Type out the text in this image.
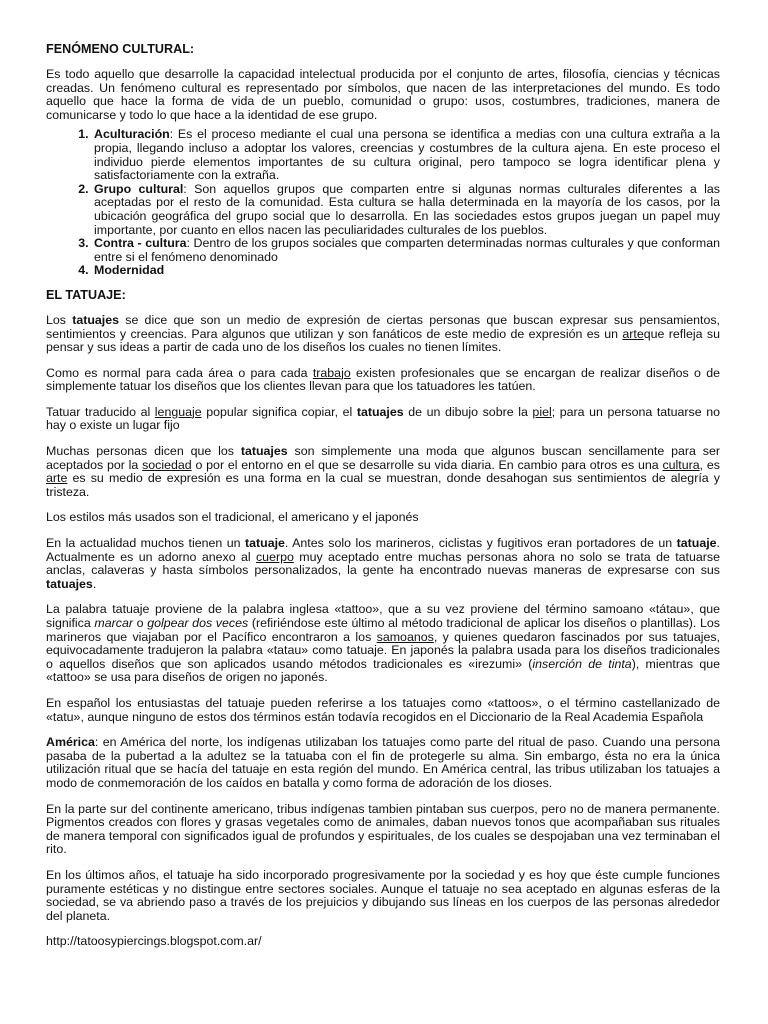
FENÓMENO CULTURAL:

Es todo aquello que desarrolle la capacidad intelectual producida por el conjunto de artes, filosofía, ciencias y técnicas creadas. Un fenómeno cultural es representado por símbolos, que nacen de las interpretaciones del mundo. Es todo aquello que hace la forma de vida de un pueblo, comunidad o grupo: usos, costumbres, tradiciones, manera de comunicarse y todo lo que hace a la identidad de ese grupo.

1. Aculturación: Es el proceso mediante el cual una persona se identifica a medias con una cultura extraña a la propia, llegando incluso a adoptar los valores, creencias y costumbres de la cultura ajena. En este proceso el individuo pierde elementos importantes de su cultura original, pero tampoco se logra identificar plena y satisfactoriamente con la extraña.
2. Grupo cultural: Son aquellos grupos que comparten entre si algunas normas culturales diferentes a las aceptadas por el resto de la comunidad. Esta cultura se halla determinada en la mayoría de los casos, por la ubicación geográfica del grupo social que lo desarrolla. En las sociedades estos grupos juegan un papel muy importante, por cuanto en ellos nacen las peculiaridades culturales de los pueblos.
3. Contra - cultura: Dentro de los grupos sociales que comparten determinadas normas culturales y que conforman entre si el fenómeno denominado
4. Modernidad
EL TATUAJE:

Los tatuajes se dice que son un medio de expresión de ciertas personas que buscan expresar sus pensamientos, sentimientos y creencias. Para algunos que utilizan y son fanáticos de este medio de expresión es un arteque refleja su pensar y sus ideas a partir de cada uno de los diseños los cuales no tienen límites.

Como es normal para cada área o para cada trabajo existen profesionales que se encargan de realizar diseños o de simplemente tatuar los diseños que los clientes llevan para que los tatuadores les tatúen.

Tatuar traducido al lenguaje popular significa copiar, el tatuajes de un dibujo sobre la piel; para un persona tatuarse no hay o existe un lugar fijo

Muchas personas dicen que los tatuajes son simplemente una moda que algunos buscan sencillamente para ser aceptados por la sociedad o por el entorno en el que se desarrolle su vida diaria. En cambio para otros es una cultura, es arte es su medio de expresión es una forma en la cual se muestran, donde desahogan sus sentimientos de alegría y tristeza.

Los estilos más usados son el tradicional, el americano y el japonés

En la actualidad muchos tienen un tatuaje. Antes solo los marineros, ciclistas y fugitivos eran portadores de un tatuaje. Actualmente es un adorno anexo al cuerpo muy aceptado entre muchas personas ahora no solo se trata de tatuarse anclas, calaveras y hasta símbolos personalizados, la gente ha encontrado nuevas maneras de expresarse con sus tatuajes.

La palabra tatuaje proviene de la palabra inglesa «tattoo», que a su vez proviene del término samoano «tátau», que significa marcar o golpear dos veces (refiriéndose este último al método tradicional de aplicar los diseños o plantillas). Los marineros que viajaban por el Pacífico encontraron a los samoanos, y quienes quedaron fascinados por sus tatuajes, equivocadamente tradujeron la palabra «tatau» como tatuaje. En japonés la palabra usada para los diseños tradicionales o aquellos diseños que son aplicados usando métodos tradicionales es «irezumi» (inserción de tinta), mientras que «tattoo» se usa para diseños de origen no japonés.

En español los entusiastas del tatuaje pueden referirse a los tatuajes como «tattoos», o el término castellanizado de «tatu», aunque ninguno de estos dos términos están todavía recogidos en el Diccionario de la Real Academia Española

América: en América del norte, los indígenas utilizaban los tatuajes como parte del ritual de paso. Cuando una persona pasaba de la pubertad a la adultez se la tatuaba con el fin de protegerle su alma. Sin embargo, ésta no era la única utilización ritual que se hacía del tatuaje en esta región del mundo. En América central, las tribus utilizaban los tatuajes a modo de conmemoración de los caídos en batalla y como forma de adoración de los dioses.

En la parte sur del continente americano, tribus indígenas tambien pintaban sus cuerpos, pero no de manera permanente. Pigmentos creados con flores y grasas vegetales como de animales, daban nuevos tonos que acompañaban sus rituales de manera temporal con significados igual de profundos y espirituales, de los cuales se despojaban una vez terminaban el rito.

En los últimos años, el tatuaje ha sido incorporado progresivamente por la sociedad y es hoy que éste cumple funciones puramente estéticas y no distingue entre sectores sociales. Aunque el tatuaje no sea aceptado en algunas esferas de la sociedad, se va abriendo paso a través de los prejuicios y dibujando sus líneas en los cuerpos de las personas alrededor del planeta.

http://tatoosypiercings.blogspot.com.ar/
